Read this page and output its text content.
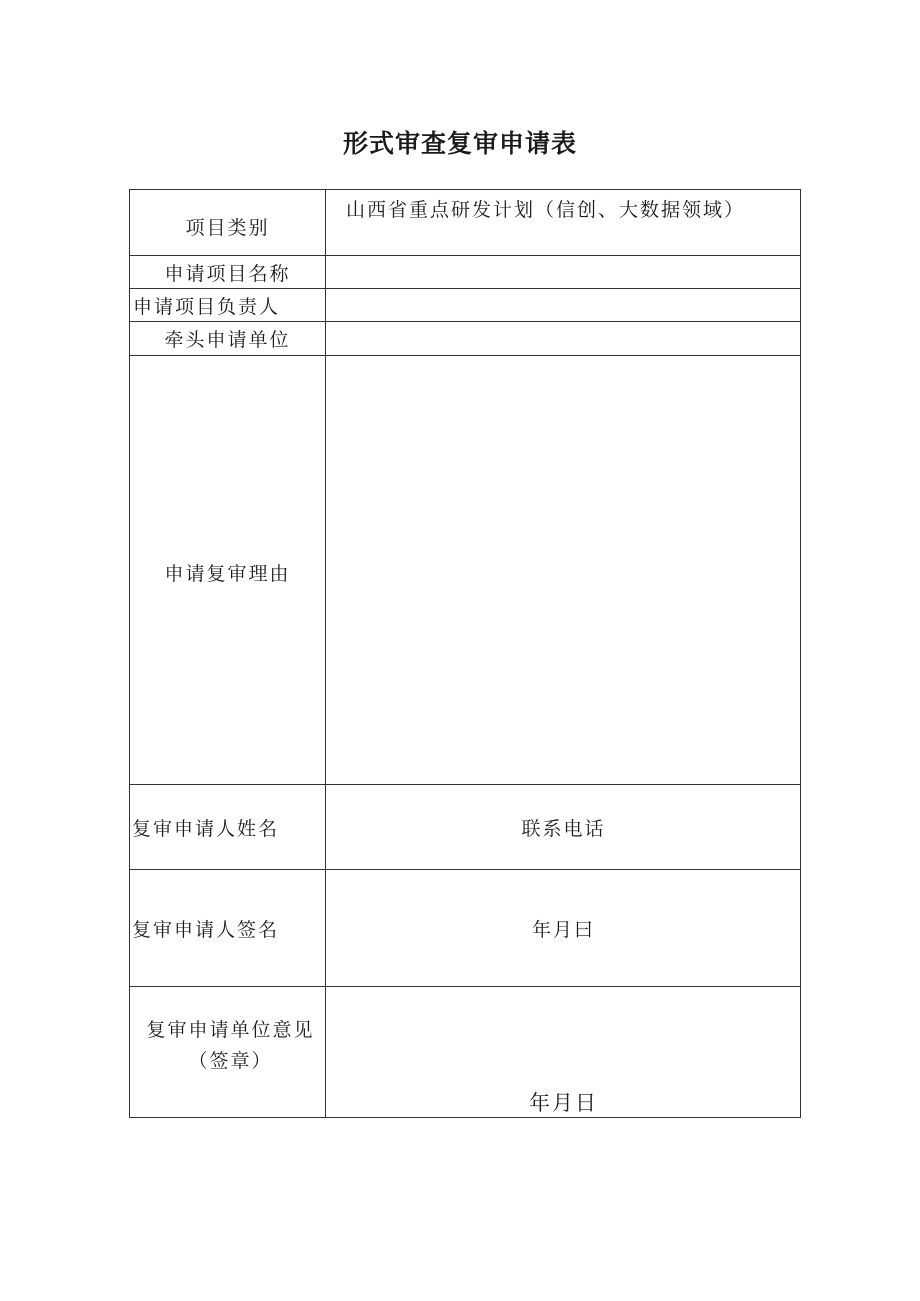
形式审查复审申请表
项目类别
山西省重点研发计划（信创、大数据领域）
申请项目名称
申请项目负责人
牵头申请单位
申请复审理由
复审申请人姓名	联系电话
复审申请人签名	年月曰
复审申请单位意见
（签章）
年月日
